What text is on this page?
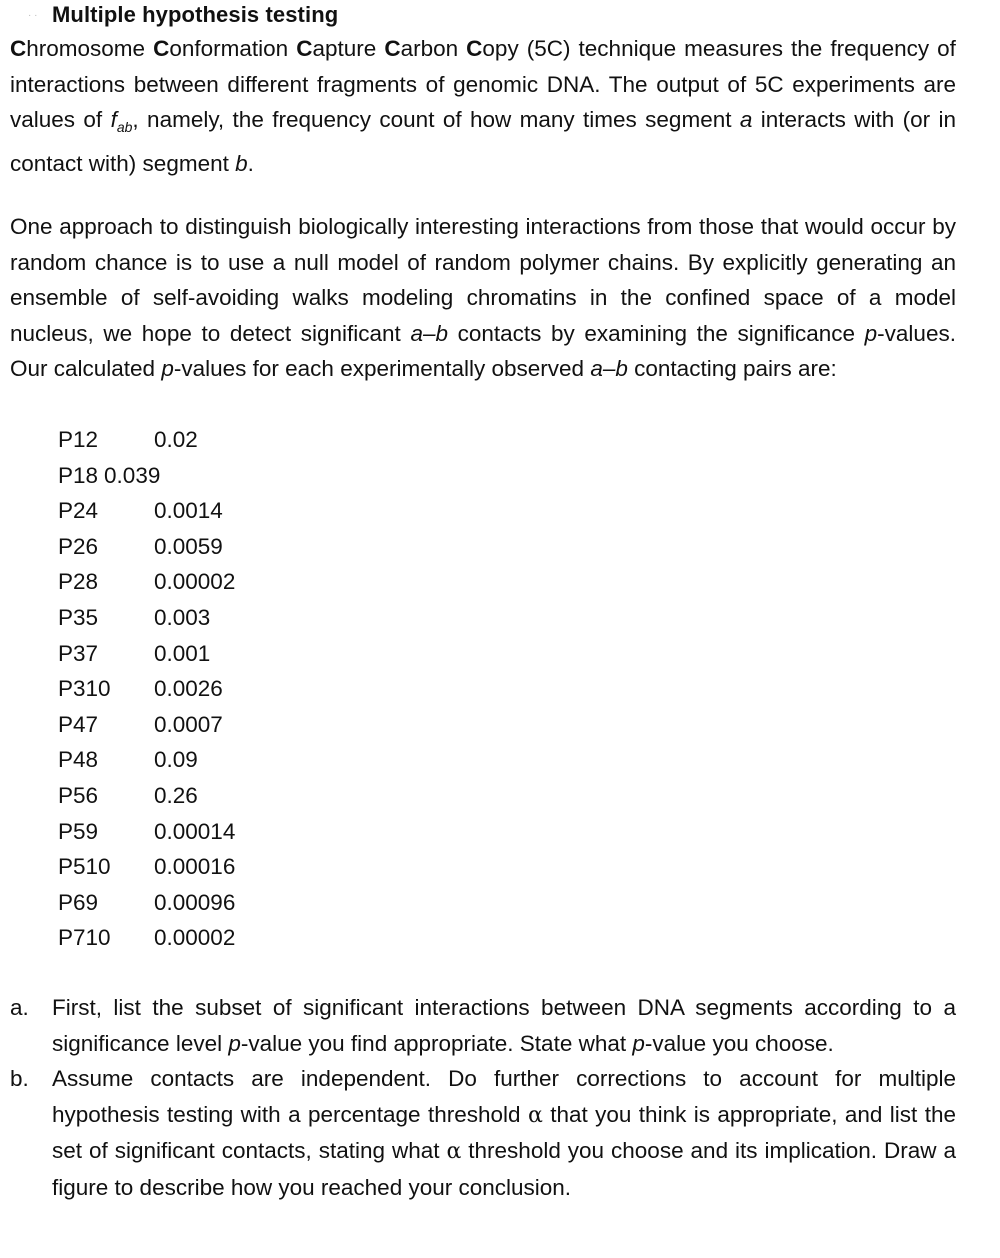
· · Multiple hypothesis testing
Chromosome Conformation Capture Carbon Copy (5C) technique measures the frequency of interactions between different fragments of genomic DNA. The output of 5C experiments are values of $f_{ab}$, namely, the frequency count of how many times segment a interacts with (or in contact with) segment b.
One approach to distinguish biologically interesting interactions from those that would occur by random chance is to use a null model of random polymer chains. By explicitly generating an ensemble of self-avoiding walks modeling chromatins in the confined space of a model nucleus, we hope to detect significant a–b contacts by examining the significance p-values. Our calculated p-values for each experimentally observed a–b contacting pairs are:
P12 0.02
P18 0.039
P24 0.0014
P26 0.0059
P28 0.00002
P35 0.003
P37 0.001
P310 0.0026
P47 0.0007
P48 0.09
P56 0.26
P59 0.00014
P510 0.00016
P69 0.00096
P710 0.00002
a. First, list the subset of significant interactions between DNA segments according to a significance level p-value you find appropriate. State what p-value you choose.
b. Assume contacts are independent. Do further corrections to account for multiple hypothesis testing with a percentage threshold α that you think is appropriate, and list the set of significant contacts, stating what α threshold you choose and its implication. Draw a figure to describe how you reached your conclusion.
